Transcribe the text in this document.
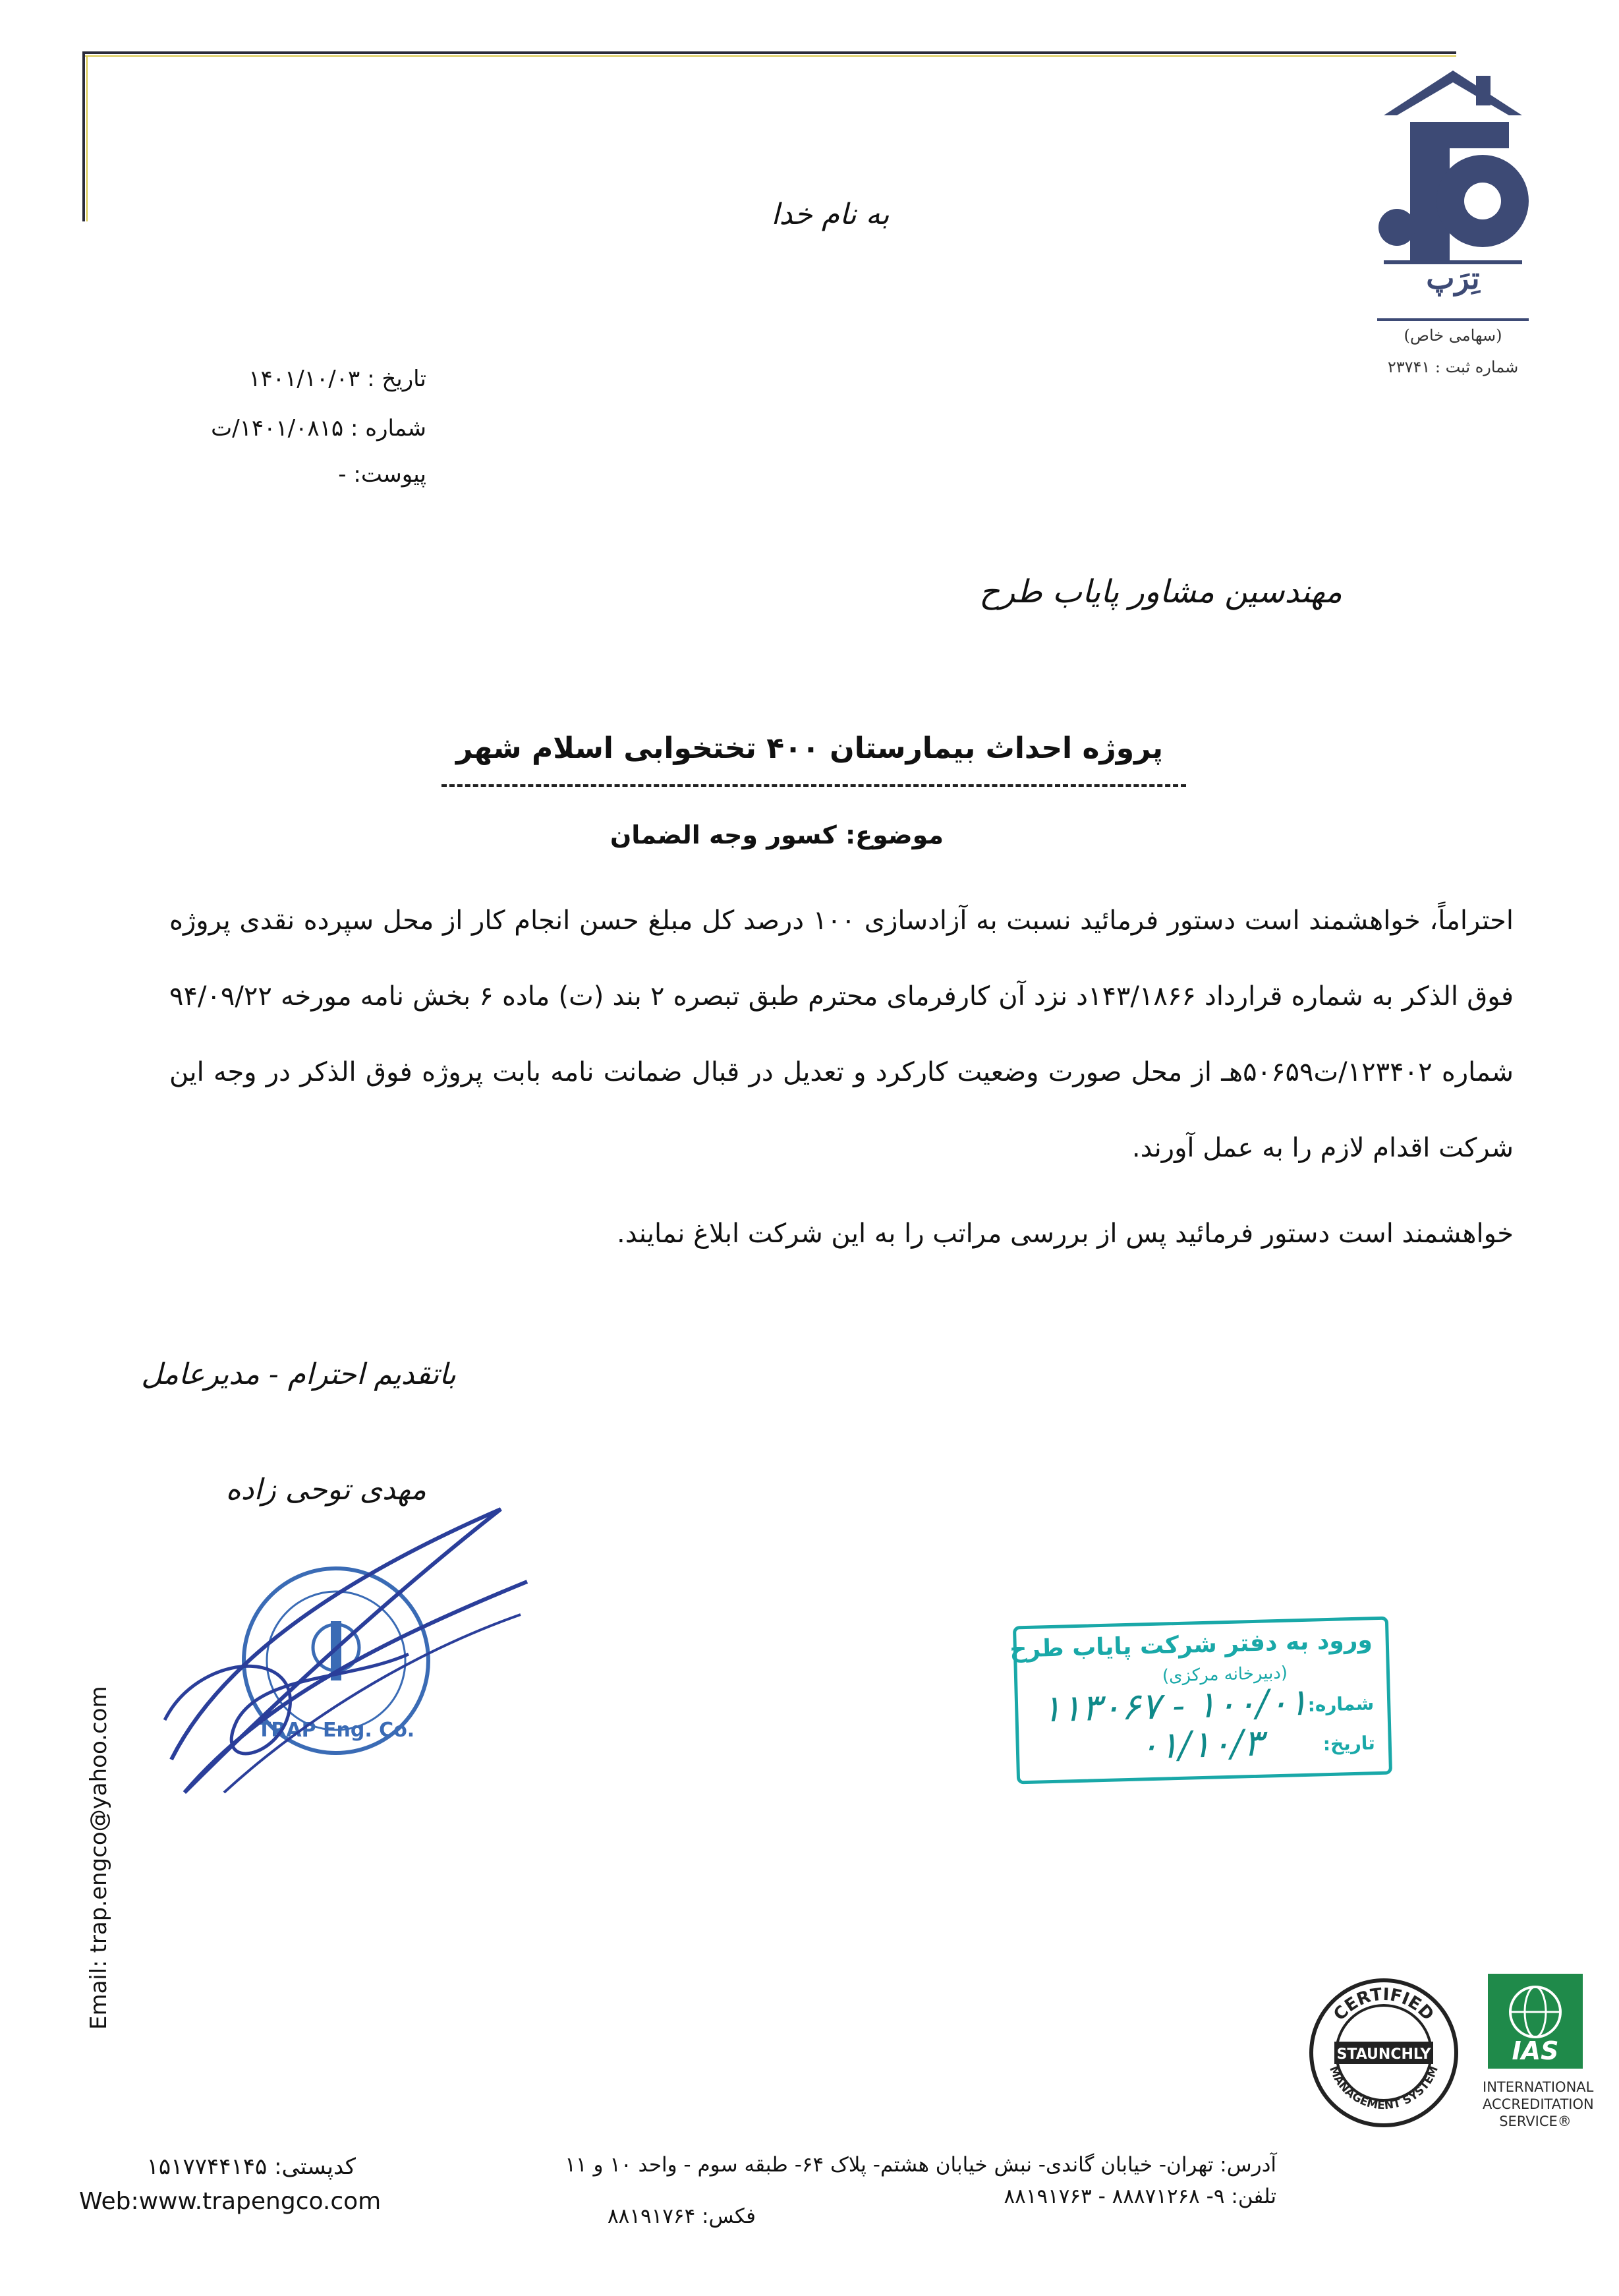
تِرَپ
(سهامی خاص)
شماره ثبت : ۲۳۷۴۱
به نام خدا
تاریخ : ۱۴۰۱/۱۰/۰۳
شماره : ۱۴۰۱/۰۸۱۵/ت
پیوست: -
مهندسین مشاور پایاب طرح
پروژه احداث بیمارستان ۴۰۰ تختخوابی اسلام شهر
موضوع: کسور وجه الضمان
احتراماً، خواهشمند است دستور فرمائید نسبت به آزادسازی ۱۰۰ درصد کل مبلغ حسن انجام کار از محل سپرده نقدی پروژه فوق الذکر به شماره قرارداد ۱۴۳/۱۸۶۶د نزد آن کارفرمای محترم طبق تبصره ۲ بند (ت) ماده ۶ بخش نامه مورخه ۹۴/۰۹/۲۲ شماره ۱۲۳۴۰۲/ت۵۰۶۵۹هـ از محل صورت وضعیت کارکرد و تعدیل در قبال ضمانت نامه بابت پروژه فوق الذکر در وجه این شرکت اقدام لازم را به عمل آورند.
خواهشمند است دستور فرمائید پس از بررسی مراتب را به این شرکت ابلاغ نمایند.
باتقدیم احترام - مدیرعامل
مهدی توحی زاده
TRAP Eng. Co.
ورود به دفتر شرکت پایاب طرح
(دبیرخانه مرکزی)
شماره:
۱۰۰/۰۱ - ۱۱۳۰۶۷
تاریخ:
۰۱/۱۰/۳
Email: trap.engco@yahoo.com	CERTIFIED
STAUNCHLY
MANAGEMENT SYSTEM
IAS
INTERNATIONAL
ACCREDITATION
SERVICE®
کدپستی: ۱۵۱۷۷۴۴۱۴۵
Web:www.trapengco.com
آدرس: تهران- خیابان گاندی- نبش خیابان هشتم- پلاک ۶۴- طبقه سوم - واحد ۱۰ و ۱۱
تلفن: ۹- ۸۸۸۷۱۲۶۸ - ۸۸۱۹۱۷۶۳
فکس: ۸۸۱۹۱۷۶۴
